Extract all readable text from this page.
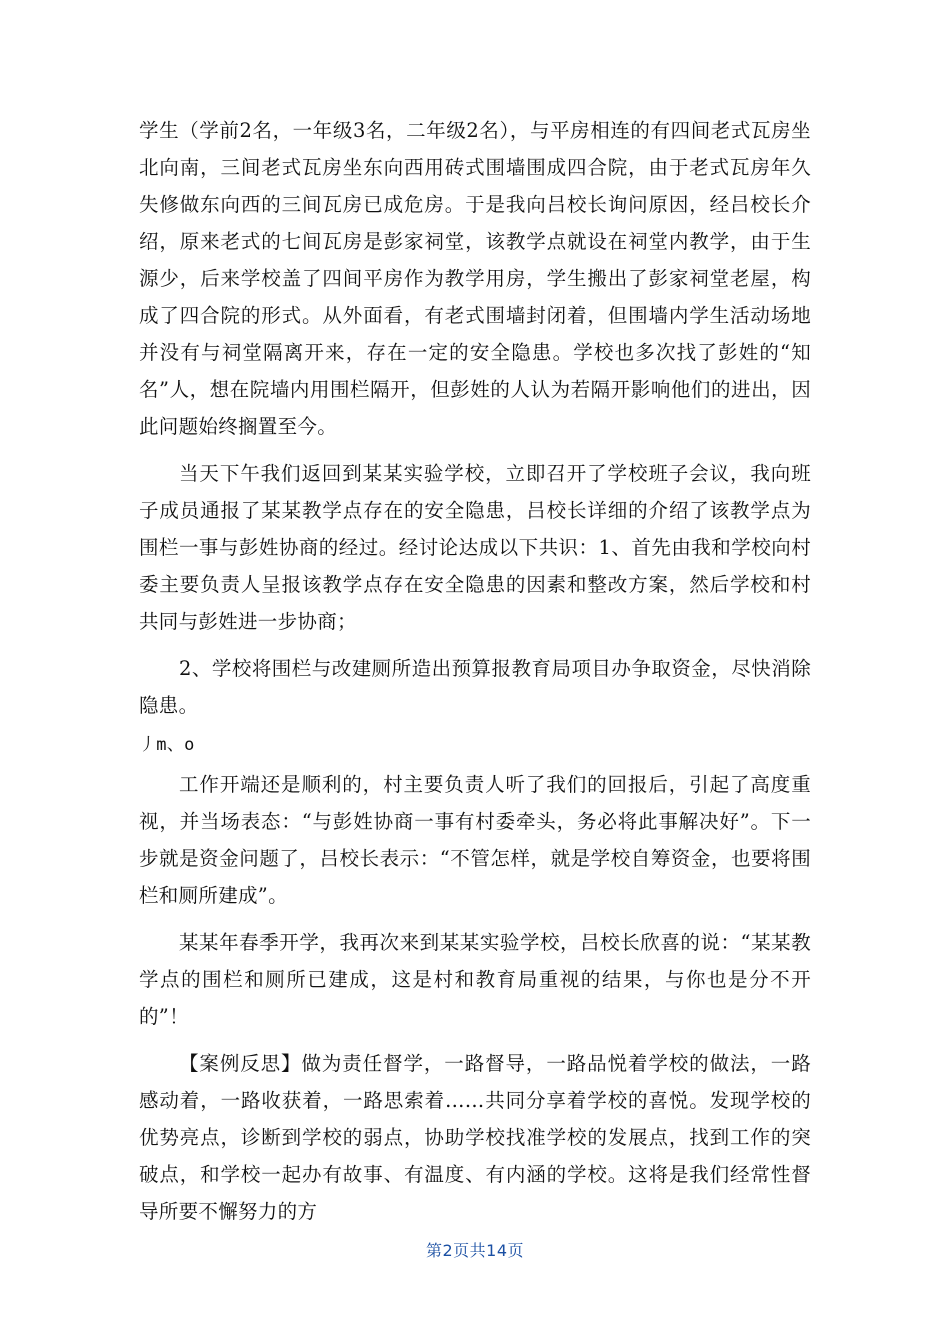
学生（学前2名，一年级3名，二年级2名），与平房相连的有四间老式瓦房坐北向南，三间老式瓦房坐东向西用砖式围墙围成四合院，由于老式瓦房年久失修做东向西的三间瓦房已成危房。于是我向吕校长询问原因，经吕校长介绍，原来老式的七间瓦房是彭家祠堂，该教学点就设在祠堂内教学，由于生源少，后来学校盖了四间平房作为教学用房，学生搬出了彭家祠堂老屋，构成了四合院的形式。从外面看，有老式围墙封闭着，但围墙内学生活动场地并没有与祠堂隔离开来，存在一定的安全隐患。学校也多次找了彭姓的“知名”人，想在院墙内用围栏隔开，但彭姓的人认为若隔开影响他们的进出，因此问题始终搁置至今。

当天下午我们返回到某某实验学校，立即召开了学校班子会议，我向班子成员通报了某某教学点存在的安全隐患，吕校长详细的介绍了该教学点为围栏一事与彭姓协商的经过。经讨论达成以下共识：1、首先由我和学校向村委主要负责人呈报该教学点存在安全隐患的因素和整改方案，然后学校和村共同与彭姓进一步协商；

2、学校将围栏与改建厕所造出预算报教育局项目办争取资金，尽快消除隐患。

丿m、o

工作开端还是顺利的，村主要负责人听了我们的回报后，引起了高度重视，并当场表态：“与彭姓协商一事有村委牵头，务必将此事解决好”。下一步就是资金问题了，吕校长表示：“不管怎样，就是学校自筹资金，也要将围栏和厕所建成”。

某某年春季开学，我再次来到某某实验学校，吕校长欣喜的说：“某某教学点的围栏和厕所已建成，这是村和教育局重视的结果，与你也是分不开的”！

【案例反思】做为责任督学，一路督导，一路品悦着学校的做法，一路感动着，一路收获着，一路思索着……共同分享着学校的喜悦。发现学校的优势亮点，诊断到学校的弱点，协助学校找准学校的发展点，找到工作的突破点，和学校一起办有故事、有温度、有内涵的学校。这将是我们经常性督导所要不懈努力的方

第2页共14页
